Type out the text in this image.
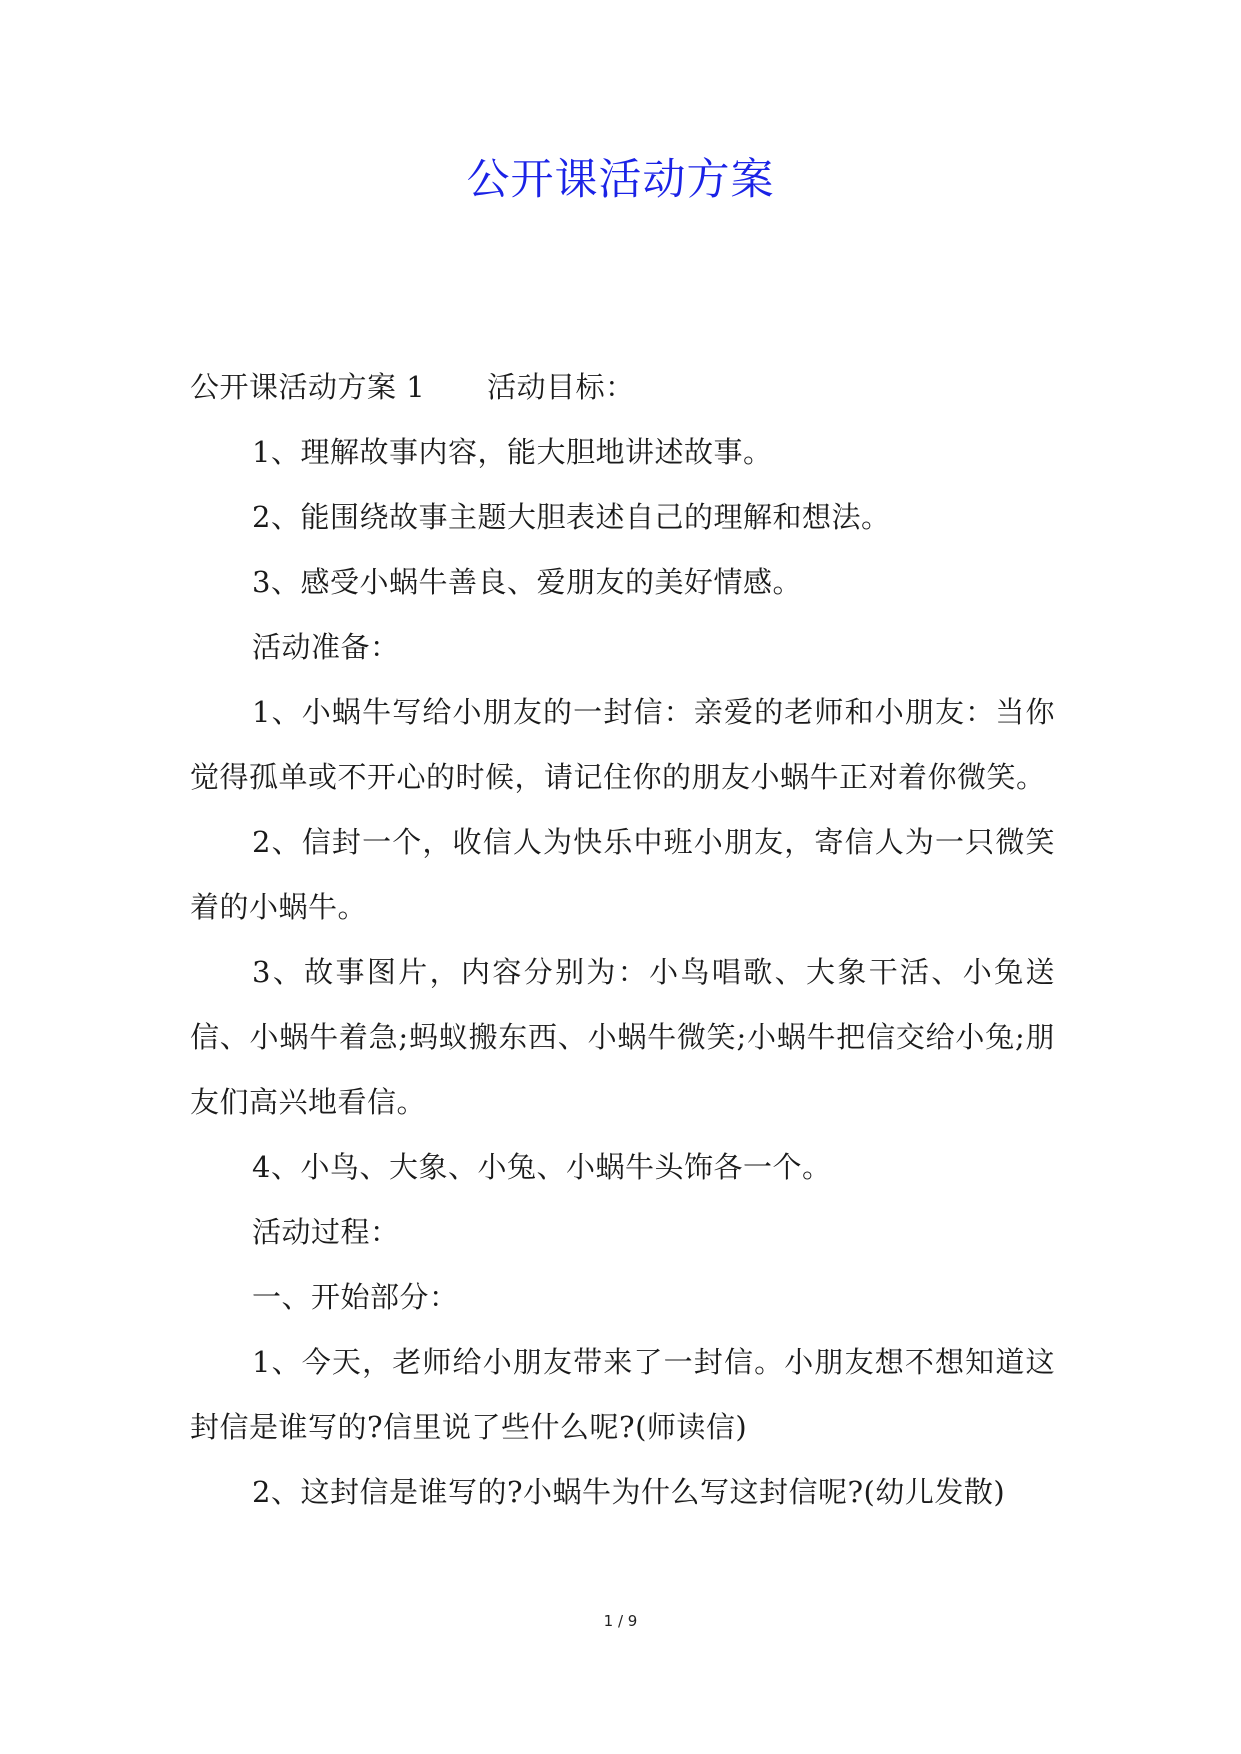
公开课活动方案

公开课活动方案 1 活动目标：

1、理解故事内容，能大胆地讲述故事。

2、能围绕故事主题大胆表述自己的理解和想法。

3、感受小蜗牛善良、爱朋友的美好情感。

活动准备：

1、小蜗牛写给小朋友的一封信：亲爱的老师和小朋友：当你觉得孤单或不开心的时候，请记住你的朋友小蜗牛正对着你微笑。

2、信封一个，收信人为快乐中班小朋友，寄信人为一只微笑着的小蜗牛。

3、故事图片，内容分别为：小鸟唱歌、大象干活、小兔送信、小蜗牛着急;蚂蚁搬东西、小蜗牛微笑;小蜗牛把信交给小兔;朋友们高兴地看信。

4、小鸟、大象、小兔、小蜗牛头饰各一个。

活动过程：

一、开始部分：

1、今天，老师给小朋友带来了一封信。小朋友想不想知道这封信是谁写的?信里说了些什么呢?(师读信)

2、这封信是谁写的?小蜗牛为什么写这封信呢?(幼儿发散)

1 / 9
